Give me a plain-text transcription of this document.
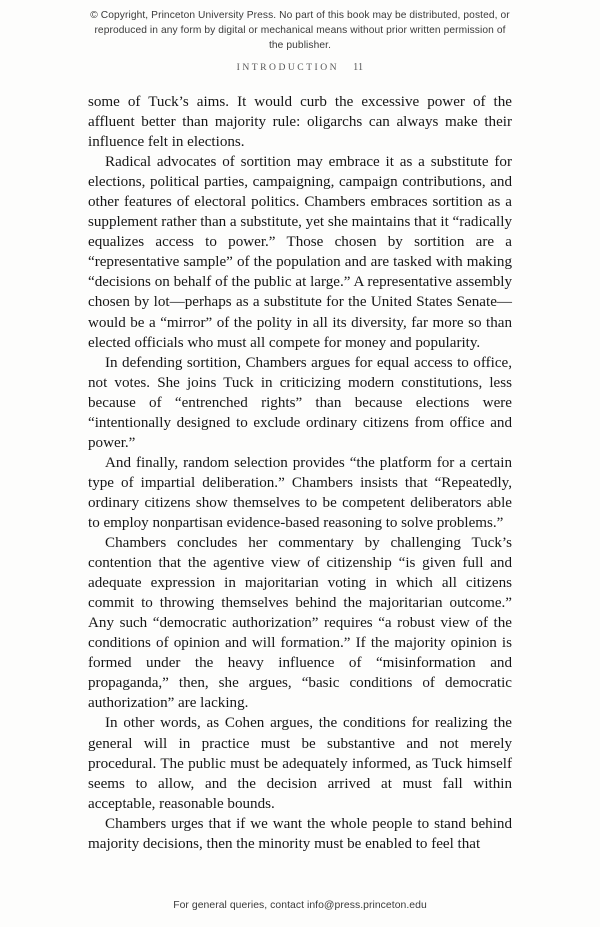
© Copyright, Princeton University Press. No part of this book may be distributed, posted, or reproduced in any form by digital or mechanical means without prior written permission of the publisher.
INTRODUCTION 11

some of Tuck’s aims. It would curb the excessive power of the affluent better than majority rule: oligarchs can always make their influence felt in elections.

Radical advocates of sortition may embrace it as a substitute for elections, political parties, campaigning, campaign contributions, and other features of electoral politics. Chambers embraces sortition as a supplement rather than a substitute, yet she maintains that it “radically equalizes access to power.” Those chosen by sortition are a “representative sample” of the population and are tasked with making “decisions on behalf of the public at large.” A representative assembly chosen by lot—perhaps as a substitute for the United States Senate—would be a “mirror” of the polity in all its diversity, far more so than elected officials who must all compete for money and popularity.

In defending sortition, Chambers argues for equal access to office, not votes. She joins Tuck in criticizing modern constitutions, less because of “entrenched rights” than because elections were “intentionally designed to exclude ordinary citizens from office and power.”

And finally, random selection provides “the platform for a certain type of impartial deliberation.” Chambers insists that “Repeatedly, ordinary citizens show themselves to be competent deliberators able to employ nonpartisan evidence-based reasoning to solve problems.”

Chambers concludes her commentary by challenging Tuck’s contention that the agentive view of citizenship “is given full and adequate expression in majoritarian voting in which all citizens commit to throwing themselves behind the majoritarian outcome.” Any such “democratic authorization” requires “a robust view of the conditions of opinion and will formation.” If the majority opinion is formed under the heavy influence of “misinformation and propaganda,” then, she argues, “basic conditions of democratic authorization” are lacking.

In other words, as Cohen argues, the conditions for realizing the general will in practice must be substantive and not merely procedural. The public must be adequately informed, as Tuck himself seems to allow, and the decision arrived at must fall within acceptable, reasonable bounds.

Chambers urges that if we want the whole people to stand behind majority decisions, then the minority must be enabled to feel that

For general queries, contact info@press.princeton.edu
